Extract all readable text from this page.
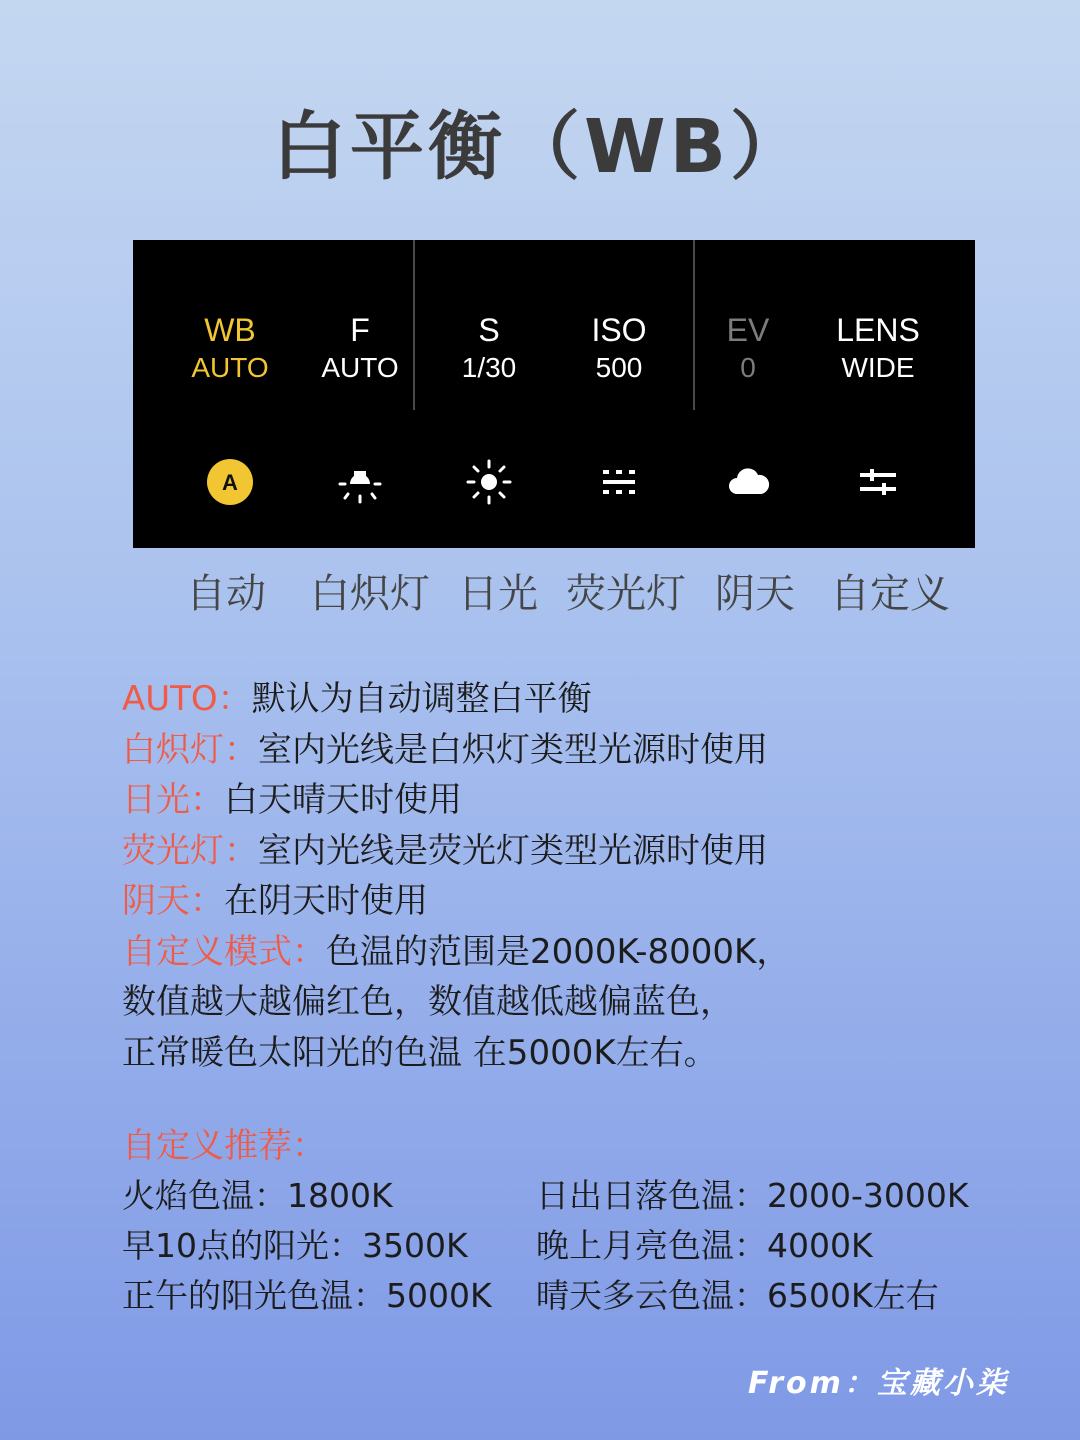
白平衡（WB）
WB
AUTO
F
AUTO
S
1/30
ISO
500
EV
0
LENS
WIDE
A
自动 白炽灯 日光 荧光灯 阴天 自定义
AUTO：默认为自动调整白平衡
白炽灯：室内光线是白炽灯类型光源时使用
日光：白天晴天时使用
荧光灯：室内光线是荧光灯类型光源时使用
阴天：在阴天时使用
自定义模式：色温的范围是2000K-8000K，
数值越大越偏红色，数值越低越偏蓝色，
正常暖色太阳光的色温 在5000K左右。
自定义推荐：
火焰色温：1800K	日出日落色温：2000-3000K
早10点的阳光：3500K 晚上月亮色温：4000K
正午的阳光色温：5000K 晴天多云色温：6500K左右
From：宝藏小柒
